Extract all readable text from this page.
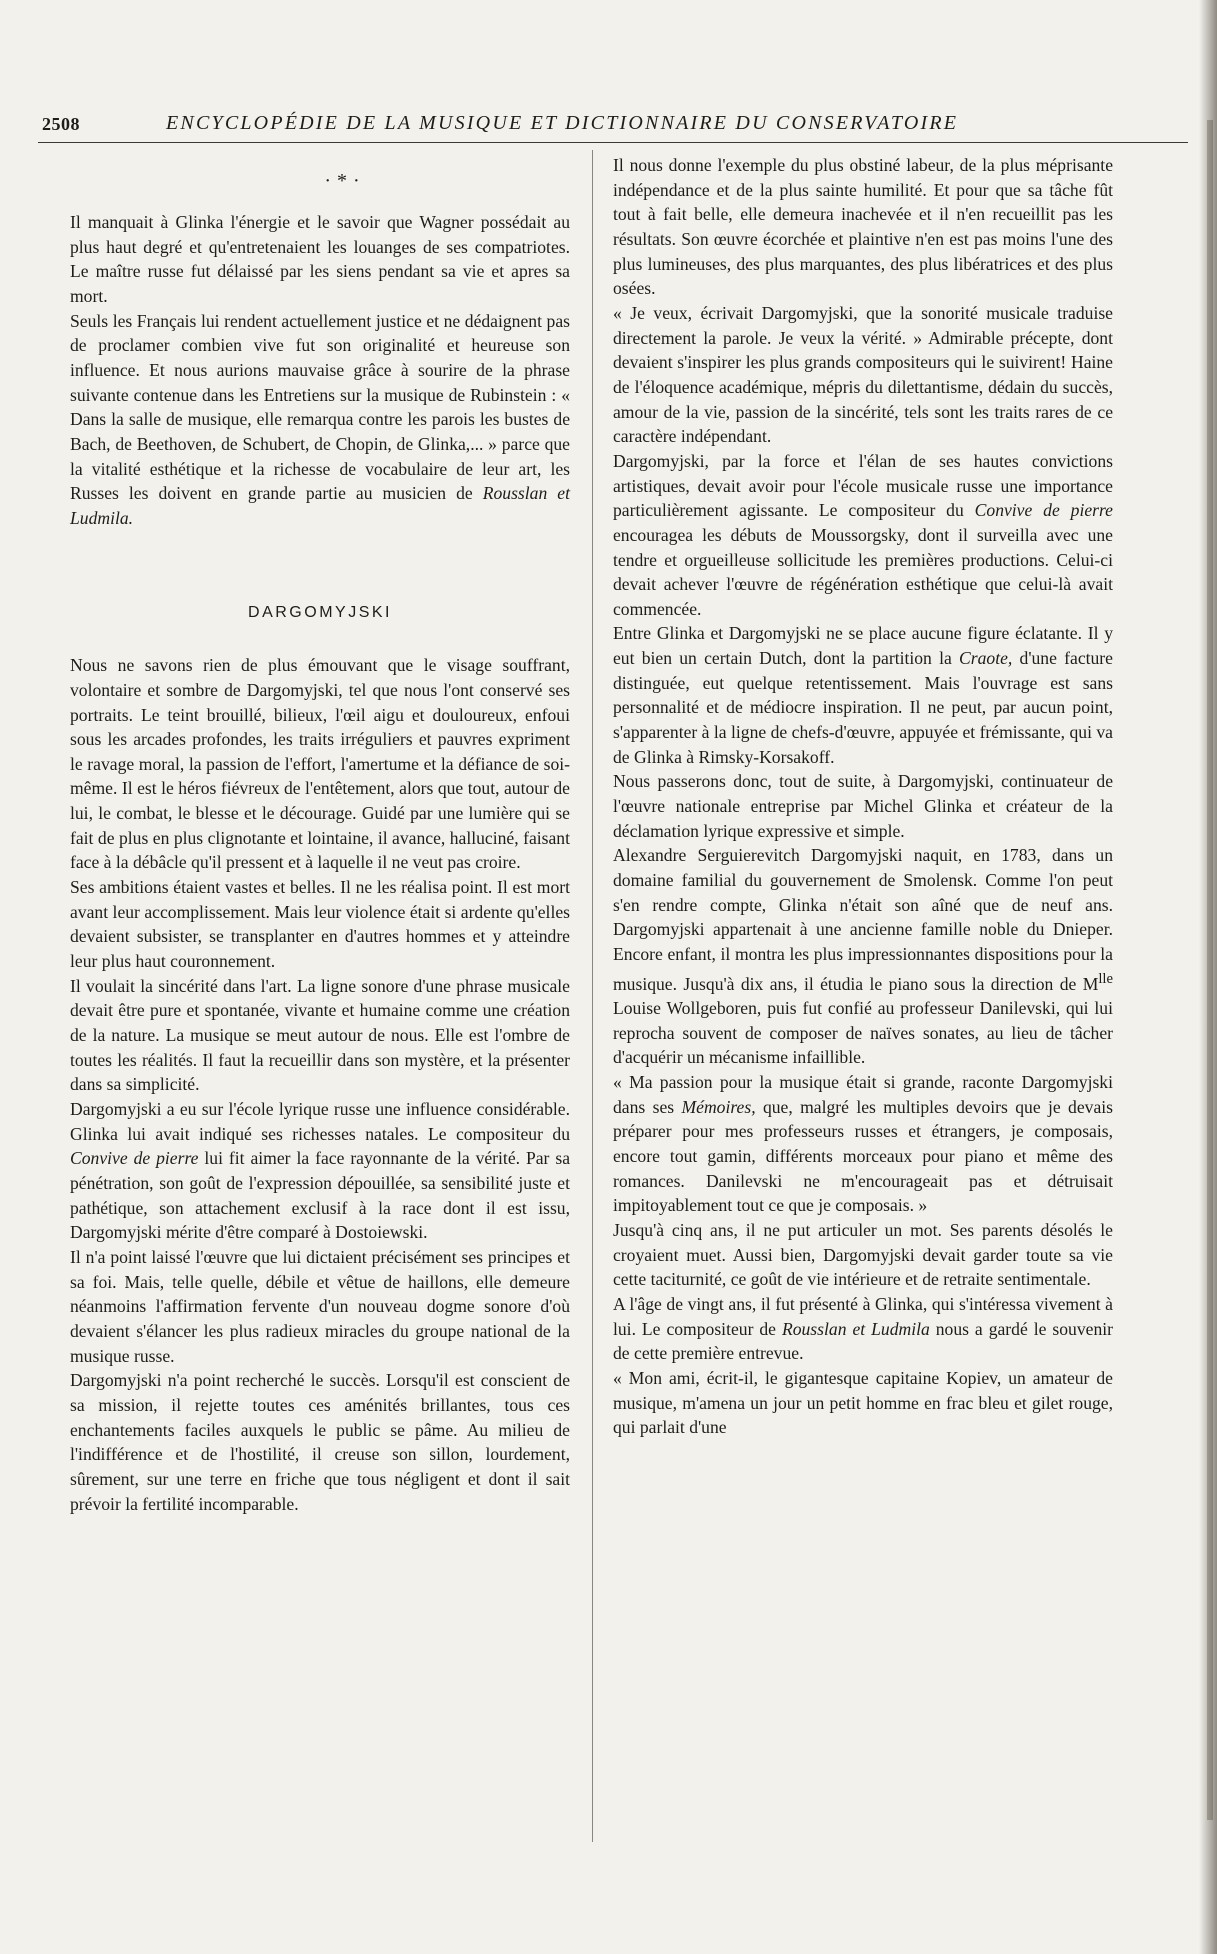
2508	ENCYCLOPÉDIE DE LA MUSIQUE ET DICTIONNAIRE DU CONSERVATOIRE
·*·

Il manquait à Glinka l'énergie et le savoir que Wagner possédait au plus haut degré et qu'entretenaient les louanges de ses compatriotes. Le maître russe fut délaissé par les siens pendant sa vie et apres sa mort.

Seuls les Français lui rendent actuellement justice et ne dédaignent pas de proclamer combien vive fut son originalité et heureuse son influence. Et nous aurions mauvaise grâce à sourire de la phrase suivante contenue dans les Entretiens sur la musique de Rubinstein : « Dans la salle de musique, elle remarqua contre les parois les bustes de Bach, de Beethoven, de Schubert, de Chopin, de Glinka,... » parce que la vitalité esthétique et la richesse de vocabulaire de leur art, les Russes les doivent en grande partie au musicien de Rousslan et Ludmila.

DARGOMYJSKI

Nous ne savons rien de plus émouvant que le visage souffrant, volontaire et sombre de Dargomyjski, tel que nous l'ont conservé ses portraits. Le teint brouillé, bilieux, l'œil aigu et douloureux, enfoui sous les arcades profondes, les traits irréguliers et pauvres expriment le ravage moral, la passion de l'effort, l'amertume et la défiance de soi-même. Il est le héros fiévreux de l'entêtement, alors que tout, autour de lui, le combat, le blesse et le décourage. Guidé par une lumière qui se fait de plus en plus clignotante et lointaine, il avance, halluciné, faisant face à la débâcle qu'il pressent et à laquelle il ne veut pas croire.

Ses ambitions étaient vastes et belles. Il ne les réalisa point. Il est mort avant leur accomplissement. Mais leur violence était si ardente qu'elles devaient subsister, se transplanter en d'autres hommes et y atteindre leur plus haut couronnement.

Il voulait la sincérité dans l'art. La ligne sonore d'une phrase musicale devait être pure et spontanée, vivante et humaine comme une création de la nature. La musique se meut autour de nous. Elle est l'ombre de toutes les réalités. Il faut la recueillir dans son mystère, et la présenter dans sa simplicité.

Dargomyjski a eu sur l'école lyrique russe une influence considérable. Glinka lui avait indiqué ses richesses natales. Le compositeur du Convive de pierre lui fit aimer la face rayonnante de la vérité. Par sa pénétration, son goût de l'expression dépouillée, sa sensibilité juste et pathétique, son attachement exclusif à la race dont il est issu, Dargomyjski mérite d'être comparé à Dostoiewski.

Il n'a point laissé l'œuvre que lui dictaient précisément ses principes et sa foi. Mais, telle quelle, débile et vêtue de haillons, elle demeure néanmoins l'affirmation fervente d'un nouveau dogme sonore d'où devaient s'élancer les plus radieux miracles du groupe national de la musique russe.

Dargomyjski n'a point recherché le succès. Lorsqu'il est conscient de sa mission, il rejette toutes ces aménités brillantes, tous ces enchantements faciles auxquels le public se pâme. Au milieu de l'indifférence et de l'hostilité, il creuse son sillon, lourdement, sûrement, sur une terre en friche que tous négligent et dont il sait prévoir la fertilité incomparable.

Il nous donne l'exemple du plus obstiné labeur, de la plus méprisante indépendance et de la plus sainte humilité. Et pour que sa tâche fût tout à fait belle, elle demeura inachevée et il n'en recueillit pas les résultats. Son œuvre écorchée et plaintive n'en est pas moins l'une des plus lumineuses, des plus marquantes, des plus libératrices et des plus osées.

« Je veux, écrivait Dargomyjski, que la sonorité musicale traduise directement la parole. Je veux la vérité. » Admirable précepte, dont devaient s'inspirer les plus grands compositeurs qui le suivirent! Haine de l'éloquence académique, mépris du dilettantisme, dédain du succès, amour de la vie, passion de la sincérité, tels sont les traits rares de ce caractère indépendant.

Dargomyjski, par la force et l'élan de ses hautes convictions artistiques, devait avoir pour l'école musicale russe une importance particulièrement agissante. Le compositeur du Convive de pierre encouragea les débuts de Moussorgsky, dont il surveilla avec une tendre et orgueilleuse sollicitude les premières productions. Celui-ci devait achever l'œuvre de régénération esthétique que celui-là avait commencée.

Entre Glinka et Dargomyjski ne se place aucune figure éclatante. Il y eut bien un certain Dutch, dont la partition la Craote, d'une facture distinguée, eut quelque retentissement. Mais l'ouvrage est sans personnalité et de médiocre inspiration. Il ne peut, par aucun point, s'apparenter à la ligne de chefs-d'œuvre, appuyée et frémissante, qui va de Glinka à Rimsky-Korsakoff.

Nous passerons donc, tout de suite, à Dargomyjski, continuateur de l'œuvre nationale entreprise par Michel Glinka et créateur de la déclamation lyrique expressive et simple.

Alexandre Serguierevitch Dargomyjski naquit, en 1783, dans un domaine familial du gouvernement de Smolensk. Comme l'on peut s'en rendre compte, Glinka n'était son aîné que de neuf ans. Dargomyjski appartenait à une ancienne famille noble du Dnieper. Encore enfant, il montra les plus impressionnantes dispositions pour la musique. Jusqu'à dix ans, il étudia le piano sous la direction de $M^{lle}$ Louise Wollgeboren, puis fut confié au professeur Danilevski, qui lui reprocha souvent de composer de naïves sonates, au lieu de tâcher d'acquérir un mécanisme infaillible.

« Ma passion pour la musique était si grande, raconte Dargomyjski dans ses Mémoires, que, malgré les multiples devoirs que je devais préparer pour mes professeurs russes et étrangers, je composais, encore tout gamin, différents morceaux pour piano et même des romances. Danilevski ne m'encourageait pas et détruisait impitoyablement tout ce que je composais. »

Jusqu'à cinq ans, il ne put articuler un mot. Ses parents désolés le croyaient muet. Aussi bien, Dargomyjski devait garder toute sa vie cette taciturnité, ce goût de vie intérieure et de retraite sentimentale.

A l'âge de vingt ans, il fut présenté à Glinka, qui s'intéressa vivement à lui. Le compositeur de Rousslan et Ludmila nous a gardé le souvenir de cette première entrevue.

« Mon ami, écrit-il, le gigantesque capitaine Kopiev, un amateur de musique, m'amena un jour un petit homme en frac bleu et gilet rouge, qui parlait d'une
